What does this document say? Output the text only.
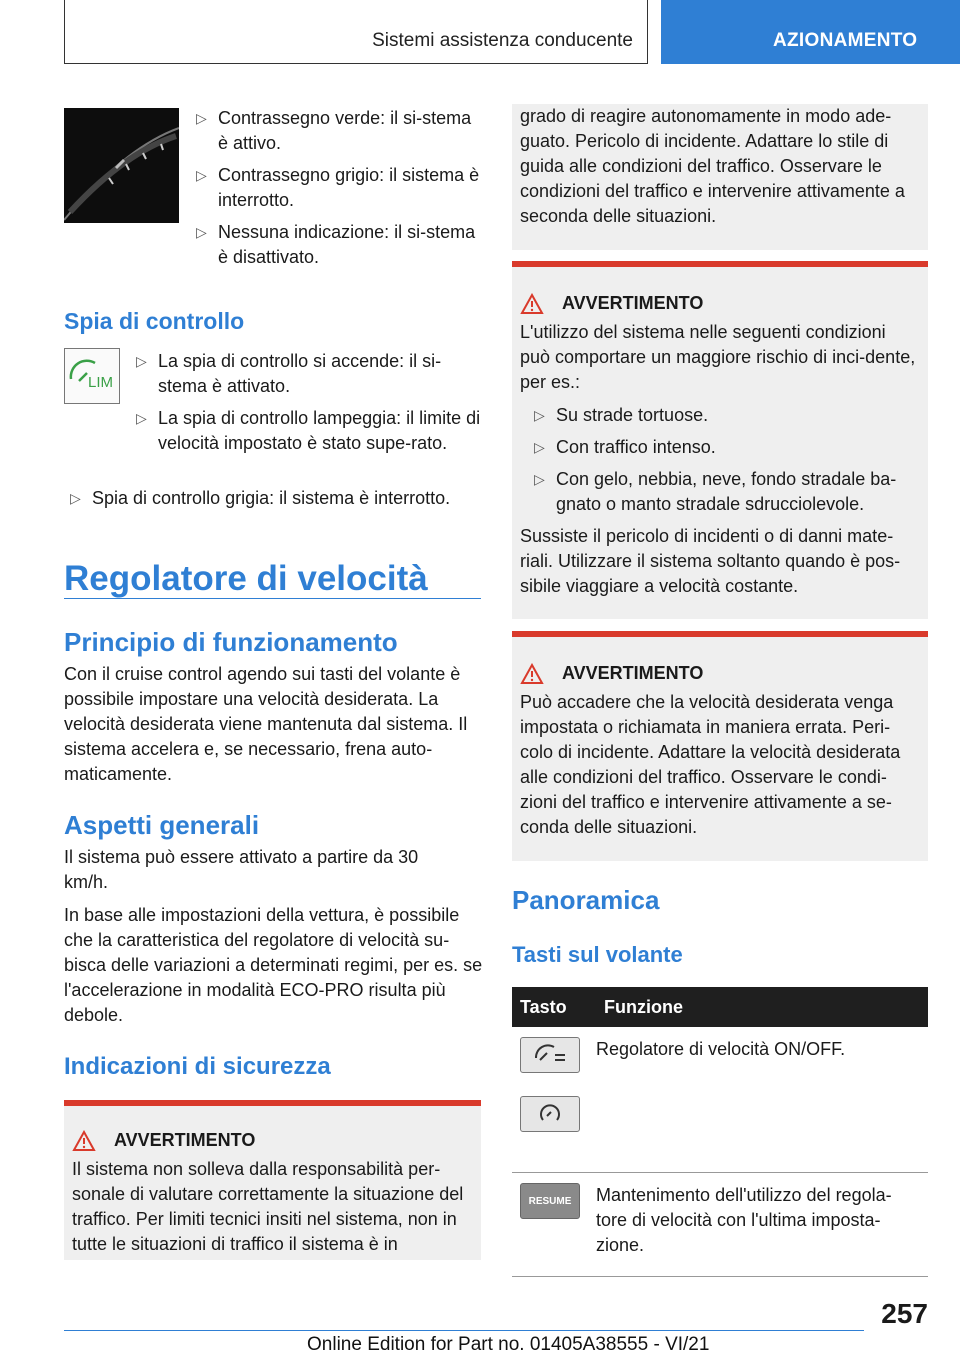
Sistemi assistenza conducente	AZIONAMENTO
▷ Contrassegno verde: il si-stema è attivo.
▷ Contrassegno grigio: il sistema è interrotto.
▷ Nessuna indicazione: il si-stema è disattivato.
Spia di controllo
LIM
▷ La spia di controllo si accende: il si-stema è attivato.
▷ La spia di controllo lampeggia: il limite di velocità impostato è stato supe-rato.
▷ Spia di controllo grigia: il sistema è interrotto.
Regolatore di velocità
Principio di funzionamento

Con il cruise control agendo sui tasti del volante è possibile impostare una velocità desiderata. La velocità desiderata viene mantenuta dal sistema. Il sistema accelera e, se necessario, frena auto-maticamente.

Aspetti generali

Il sistema può essere attivato a partire da 30 km/h.

In base alle impostazioni della vettura, è possibile che la caratteristica del regolatore di velocità su-bisca delle variazioni a determinati regimi, per es. se l'accelerazione in modalità ECO-PRO risulta più debole.

Indicazioni di sicurezza
AVVERTIMENTO
Il sistema non solleva dalla responsabilità per-sonale di valutare correttamente la situazione del traffico. Per limiti tecnici insiti nel sistema, non in tutte le situazioni di traffico il sistema è in
grado di reagire autonomamente in modo ade-guato. Pericolo di incidente. Adattare lo stile di guida alle condizioni del traffico. Osservare le condizioni del traffico e intervenire attivamente a seconda delle situazioni.
AVVERTIMENTO
L'utilizzo del sistema nelle seguenti condizioni può comportare un maggiore rischio di inci-dente, per es.:
▷ Su strade tortuose.
▷ Con traffico intenso.
▷ Con gelo, nebbia, neve, fondo stradale ba-gnato o manto stradale sdrucciolevole.
Sussiste il pericolo di incidenti o di danni mate-riali. Utilizzare il sistema soltanto quando è pos-sibile viaggiare a velocità costante.
AVVERTIMENTO
Può accadere che la velocità desiderata venga impostata o richiamata in maniera errata. Peri-colo di incidente. Adattare la velocità desiderata alle condizioni del traffico. Osservare le condi-zioni del traffico e intervenire attivamente a se-conda delle situazioni.
Panoramica
Tasti sul volante
Tasto	Funzione
Regolatore di velocità ON/OFF.
RESUME Mantenimento dell'utilizzo del regola-tore di velocità con l'ultima imposta-zione.
257
Online Edition for Part no. 01405A38555 - VI/21
